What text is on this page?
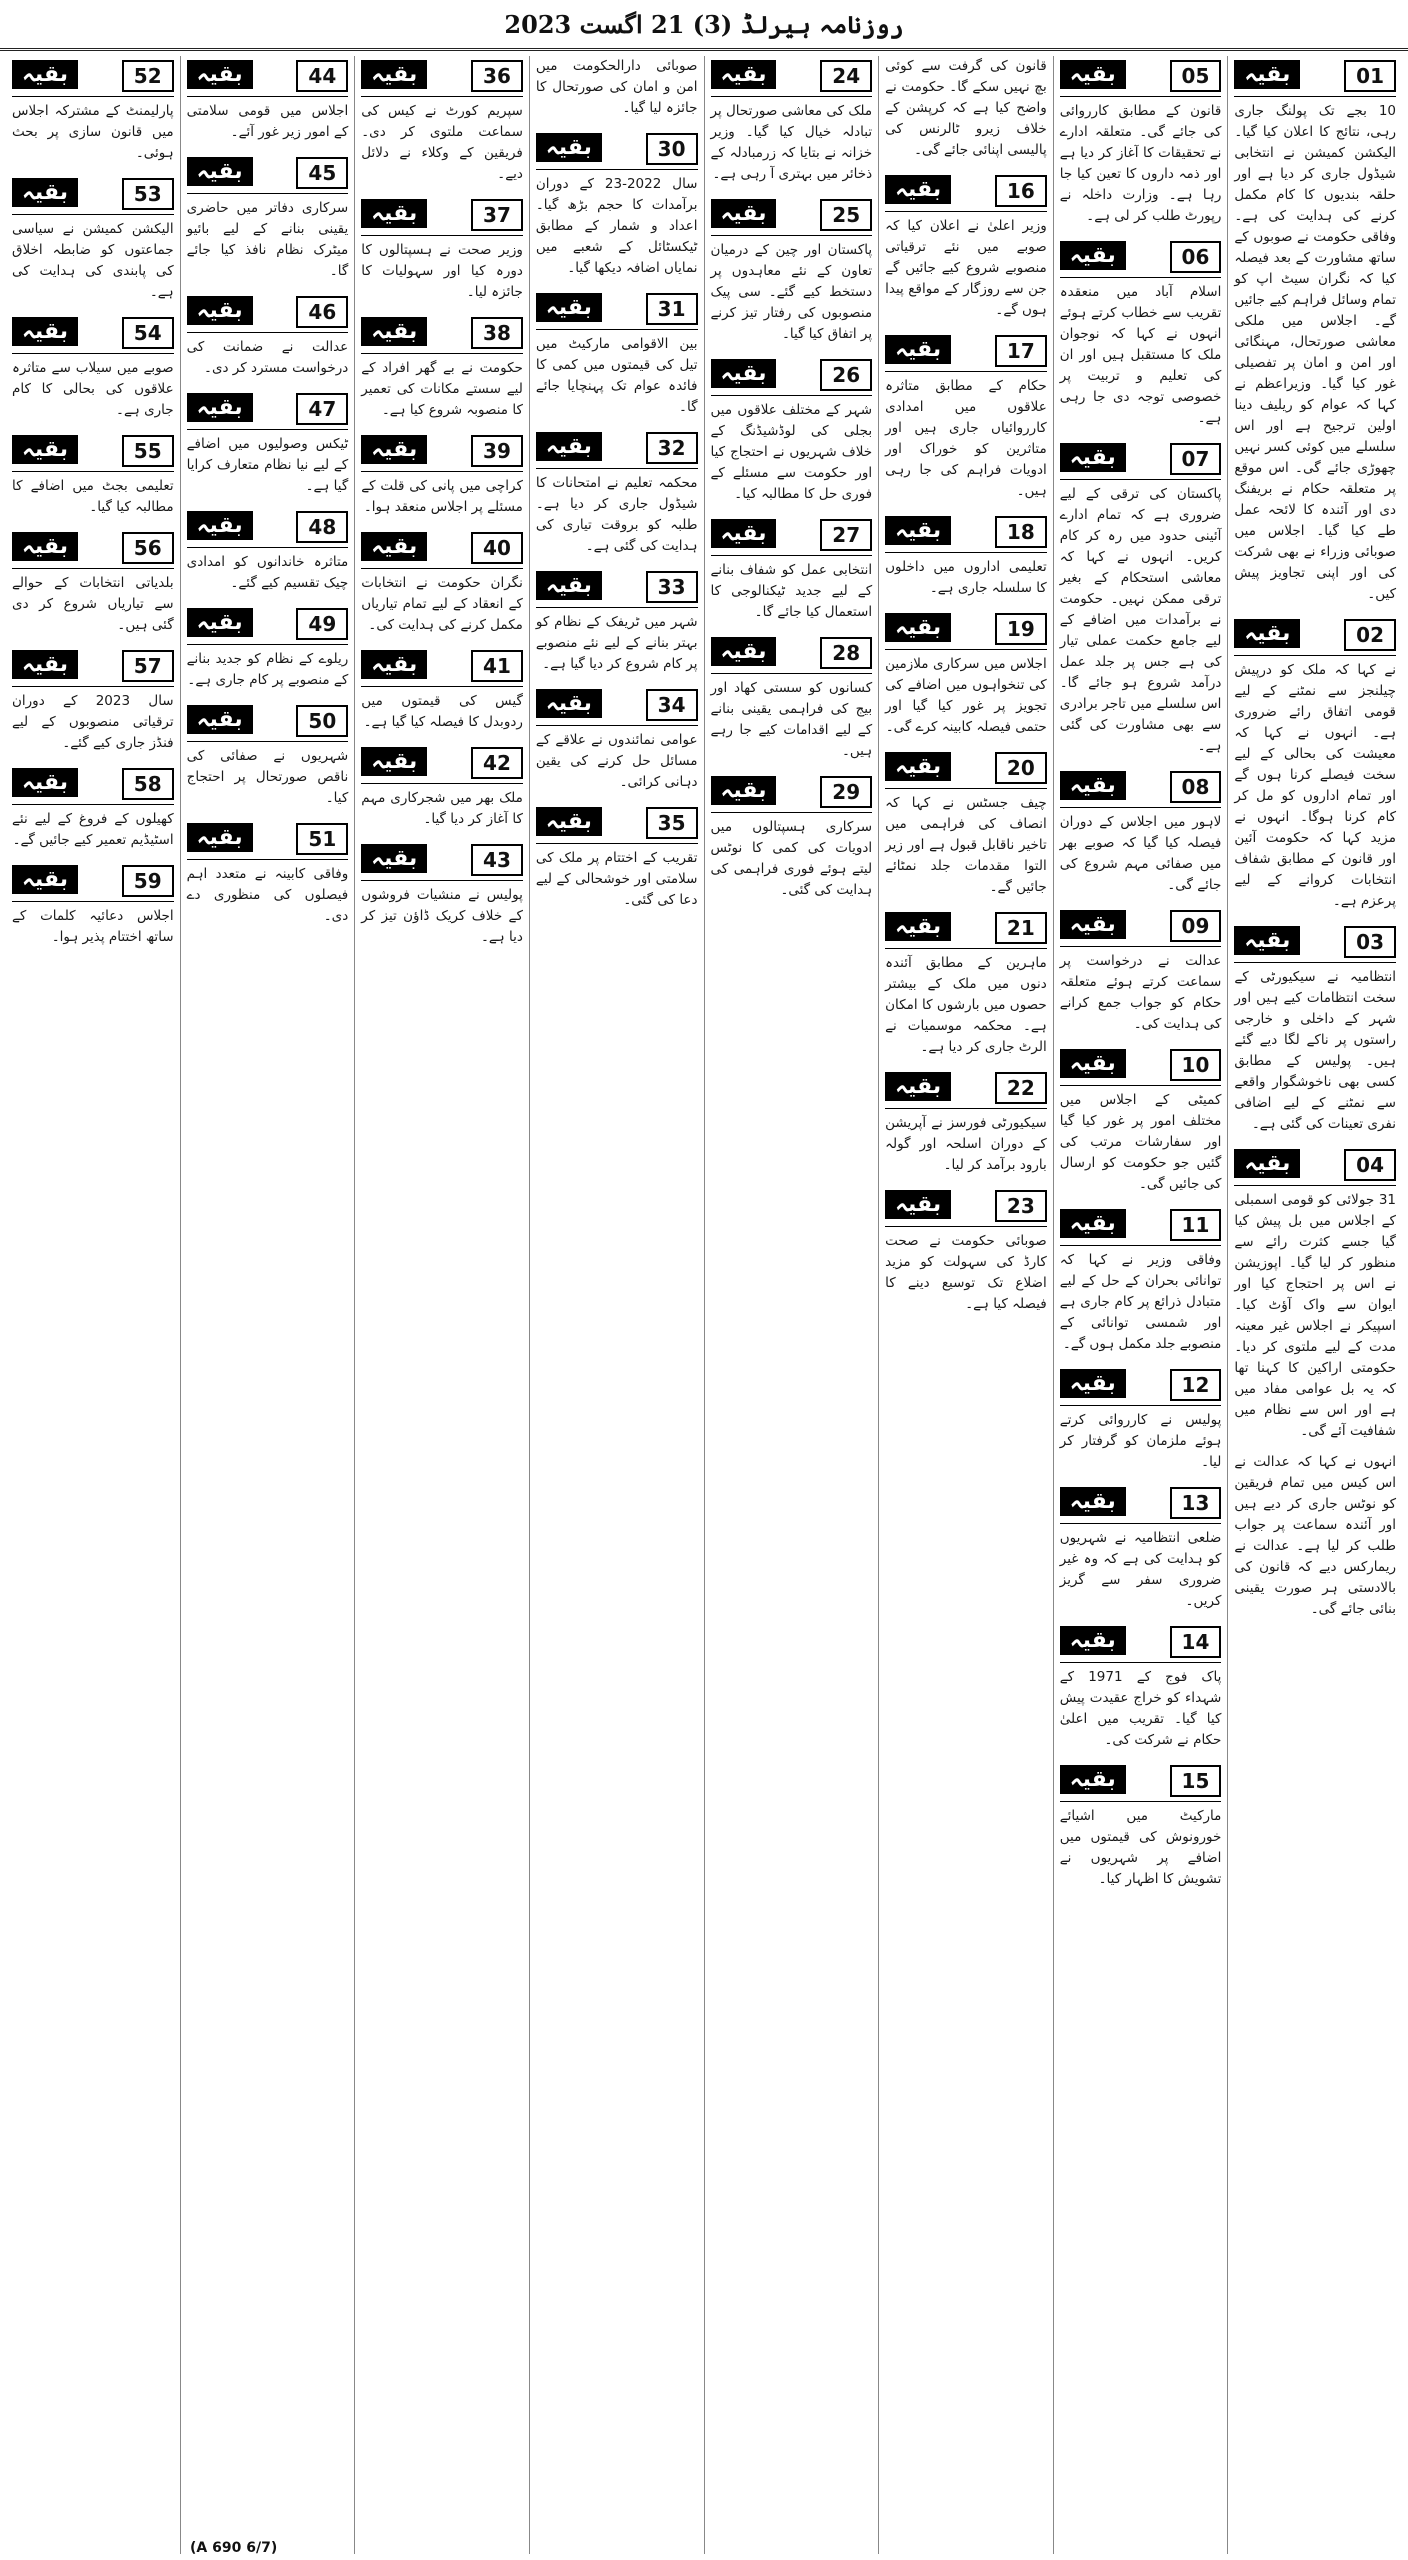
روزنامہ ہیرلڈ (3) 21 اگست 2023
01
بقیہ
10 بجے تک پولنگ جاری رہی، نتائج کا اعلان کیا گیا۔ الیکشن کمیشن نے انتخابی شیڈول جاری کر دیا ہے اور حلقہ بندیوں کا کام مکمل کرنے کی ہدایت کی ہے۔ وفاقی حکومت نے صوبوں کے ساتھ مشاورت کے بعد فیصلہ کیا کہ نگران سیٹ اپ کو تمام وسائل فراہم کیے جائیں گے۔ اجلاس میں ملکی معاشی صورتحال، مہنگائی اور امن و امان پر تفصیلی غور کیا گیا۔ وزیراعظم نے کہا کہ عوام کو ریلیف دینا اولین ترجیح ہے اور اس سلسلے میں کوئی کسر نہیں چھوڑی جائے گی۔ اس موقع پر متعلقہ حکام نے بریفنگ دی اور آئندہ کا لائحہ عمل طے کیا گیا۔ اجلاس میں صوبائی وزراء نے بھی شرکت کی اور اپنی تجاویز پیش کیں۔
02
بقیہ
نے کہا کہ ملک کو درپیش چیلنجز سے نمٹنے کے لیے قومی اتفاق رائے ضروری ہے۔ انہوں نے کہا کہ معیشت کی بحالی کے لیے سخت فیصلے کرنا ہوں گے اور تمام اداروں کو مل کر کام کرنا ہوگا۔ انہوں نے مزید کہا کہ حکومت آئین اور قانون کے مطابق شفاف انتخابات کروانے کے لیے پرعزم ہے۔
03
بقیہ
انتظامیہ نے سیکیورٹی کے سخت انتظامات کیے ہیں اور شہر کے داخلی و خارجی راستوں پر ناکے لگا دیے گئے ہیں۔ پولیس کے مطابق کسی بھی ناخوشگوار واقعے سے نمٹنے کے لیے اضافی نفری تعینات کی گئی ہے۔
04
بقیہ
31 جولائی کو قومی اسمبلی کے اجلاس میں بل پیش کیا گیا جسے کثرت رائے سے منظور کر لیا گیا۔ اپوزیشن نے اس پر احتجاج کیا اور ایوان سے واک آؤٹ کیا۔ اسپیکر نے اجلاس غیر معینہ مدت کے لیے ملتوی کر دیا۔ حکومتی اراکین کا کہنا تھا کہ یہ بل عوامی مفاد میں ہے اور اس سے نظام میں شفافیت آئے گی۔
انہوں نے کہا کہ عدالت نے اس کیس میں تمام فریقین کو نوٹس جاری کر دیے ہیں اور آئندہ سماعت پر جواب طلب کر لیا ہے۔ عدالت نے ریمارکس دیے کہ قانون کی بالادستی ہر صورت یقینی بنائی جائے گی۔
05
بقیہ
قانون کے مطابق کارروائی کی جائے گی۔ متعلقہ ادارے نے تحقیقات کا آغاز کر دیا ہے اور ذمہ داروں کا تعین کیا جا رہا ہے۔ وزارت داخلہ نے رپورٹ طلب کر لی ہے۔
06
بقیہ
اسلام آباد میں منعقدہ تقریب سے خطاب کرتے ہوئے انہوں نے کہا کہ نوجوان ملک کا مستقبل ہیں اور ان کی تعلیم و تربیت پر خصوصی توجہ دی جا رہی ہے۔
07
بقیہ
پاکستان کی ترقی کے لیے ضروری ہے کہ تمام ادارے آئینی حدود میں رہ کر کام کریں۔ انہوں نے کہا کہ معاشی استحکام کے بغیر ترقی ممکن نہیں۔ حکومت نے برآمدات میں اضافے کے لیے جامع حکمت عملی تیار کی ہے جس پر جلد عمل درآمد شروع ہو جائے گا۔ اس سلسلے میں تاجر برادری سے بھی مشاورت کی گئی ہے۔
08
بقیہ
لاہور میں اجلاس کے دوران فیصلہ کیا گیا کہ صوبے بھر میں صفائی مہم شروع کی جائے گی۔
09
بقیہ
عدالت نے درخواست پر سماعت کرتے ہوئے متعلقہ حکام کو جواب جمع کرانے کی ہدایت کی۔
10
بقیہ
کمیٹی کے اجلاس میں مختلف امور پر غور کیا گیا اور سفارشات مرتب کی گئیں جو حکومت کو ارسال کی جائیں گی۔
11
بقیہ
وفاقی وزیر نے کہا کہ توانائی بحران کے حل کے لیے متبادل ذرائع پر کام جاری ہے اور شمسی توانائی کے منصوبے جلد مکمل ہوں گے۔
12
بقیہ
پولیس نے کارروائی کرتے ہوئے ملزمان کو گرفتار کر لیا۔
13
بقیہ
ضلعی انتظامیہ نے شہریوں کو ہدایت کی ہے کہ وہ غیر ضروری سفر سے گریز کریں۔
14
بقیہ
پاک فوج کے 1971 کے شہداء کو خراج عقیدت پیش کیا گیا۔ تقریب میں اعلیٰ حکام نے شرکت کی۔
15
بقیہ
مارکیٹ میں اشیائے خورونوش کی قیمتوں میں اضافے پر شہریوں نے تشویش کا اظہار کیا۔
قانون کی گرفت سے کوئی بچ نہیں سکے گا۔ حکومت نے واضح کیا ہے کہ کرپشن کے خلاف زیرو ٹالرنس کی پالیسی اپنائی جائے گی۔
16
بقیہ
وزیر اعلیٰ نے اعلان کیا کہ صوبے میں نئے ترقیاتی منصوبے شروع کیے جائیں گے جن سے روزگار کے مواقع پیدا ہوں گے۔
17
بقیہ
حکام کے مطابق متاثرہ علاقوں میں امدادی کارروائیاں جاری ہیں اور متاثرین کو خوراک اور ادویات فراہم کی جا رہی ہیں۔
18
بقیہ
تعلیمی اداروں میں داخلوں کا سلسلہ جاری ہے۔
19
بقیہ
اجلاس میں سرکاری ملازمین کی تنخواہوں میں اضافے کی تجویز پر غور کیا گیا اور حتمی فیصلہ کابینہ کرے گی۔
20
بقیہ
چیف جسٹس نے کہا کہ انصاف کی فراہمی میں تاخیر ناقابل قبول ہے اور زیر التوا مقدمات جلد نمٹائے جائیں گے۔
21
بقیہ
ماہرین کے مطابق آئندہ دنوں میں ملک کے بیشتر حصوں میں بارشوں کا امکان ہے۔ محکمہ موسمیات نے الرٹ جاری کر دیا ہے۔
22
بقیہ
سیکیورٹی فورسز نے آپریشن کے دوران اسلحہ اور گولہ بارود برآمد کر لیا۔
23
بقیہ
صوبائی حکومت نے صحت کارڈ کی سہولت کو مزید اضلاع تک توسیع دینے کا فیصلہ کیا ہے۔
24
بقیہ
ملک کی معاشی صورتحال پر تبادلہ خیال کیا گیا۔ وزیر خزانہ نے بتایا کہ زرمبادلہ کے ذخائر میں بہتری آ رہی ہے۔
25
بقیہ
پاکستان اور چین کے درمیان تعاون کے نئے معاہدوں پر دستخط کیے گئے۔ سی پیک منصوبوں کی رفتار تیز کرنے پر اتفاق کیا گیا۔
26
بقیہ
شہر کے مختلف علاقوں میں بجلی کی لوڈشیڈنگ کے خلاف شہریوں نے احتجاج کیا اور حکومت سے مسئلے کے فوری حل کا مطالبہ کیا۔
27
بقیہ
انتخابی عمل کو شفاف بنانے کے لیے جدید ٹیکنالوجی کا استعمال کیا جائے گا۔
28
بقیہ
کسانوں کو سستی کھاد اور بیج کی فراہمی یقینی بنانے کے لیے اقدامات کیے جا رہے ہیں۔
29
بقیہ
سرکاری ہسپتالوں میں ادویات کی کمی کا نوٹس لیتے ہوئے فوری فراہمی کی ہدایت کی گئی۔
صوبائی دارالحکومت میں امن و امان کی صورتحال کا جائزہ لیا گیا۔
30
بقیہ
سال 2022-23 کے دوران برآمدات کا حجم بڑھ گیا۔ اعداد و شمار کے مطابق ٹیکسٹائل کے شعبے میں نمایاں اضافہ دیکھا گیا۔
31
بقیہ
بین الاقوامی مارکیٹ میں تیل کی قیمتوں میں کمی کا فائدہ عوام تک پہنچایا جائے گا۔
32
بقیہ
محکمہ تعلیم نے امتحانات کا شیڈول جاری کر دیا ہے۔ طلبہ کو بروقت تیاری کی ہدایت کی گئی ہے۔
33
بقیہ
شہر میں ٹریفک کے نظام کو بہتر بنانے کے لیے نئے منصوبے پر کام شروع کر دیا گیا ہے۔
34
بقیہ
عوامی نمائندوں نے علاقے کے مسائل حل کرنے کی یقین دہانی کرائی۔
35
بقیہ
تقریب کے اختتام پر ملک کی سلامتی اور خوشحالی کے لیے دعا کی گئی۔
36
بقیہ
سپریم کورٹ نے کیس کی سماعت ملتوی کر دی۔ فریقین کے وکلاء نے دلائل دیے۔
37
بقیہ
وزیر صحت نے ہسپتالوں کا دورہ کیا اور سہولیات کا جائزہ لیا۔
38
بقیہ
حکومت نے بے گھر افراد کے لیے سستے مکانات کی تعمیر کا منصوبہ شروع کیا ہے۔
39
بقیہ
کراچی میں پانی کی قلت کے مسئلے پر اجلاس منعقد ہوا۔
40
بقیہ
نگران حکومت نے انتخابات کے انعقاد کے لیے تمام تیاریاں مکمل کرنے کی ہدایت کی۔
41
بقیہ
گیس کی قیمتوں میں ردوبدل کا فیصلہ کیا گیا ہے۔
42
بقیہ
ملک بھر میں شجرکاری مہم کا آغاز کر دیا گیا۔
43
بقیہ
پولیس نے منشیات فروشوں کے خلاف کریک ڈاؤن تیز کر دیا ہے۔
44
بقیہ
اجلاس میں قومی سلامتی کے امور زیر غور آئے۔
45
بقیہ
سرکاری دفاتر میں حاضری یقینی بنانے کے لیے بائیو میٹرک نظام نافذ کیا جائے گا۔
46
بقیہ
عدالت نے ضمانت کی درخواست مسترد کر دی۔
47
بقیہ
ٹیکس وصولیوں میں اضافے کے لیے نیا نظام متعارف کرایا گیا ہے۔
48
بقیہ
متاثرہ خاندانوں کو امدادی چیک تقسیم کیے گئے۔
49
بقیہ
ریلوے کے نظام کو جدید بنانے کے منصوبے پر کام جاری ہے۔
50
بقیہ
شہریوں نے صفائی کی ناقص صورتحال پر احتجاج کیا۔
51
بقیہ
وفاقی کابینہ نے متعدد اہم فیصلوں کی منظوری دے دی۔
52
بقیہ
پارلیمنٹ کے مشترکہ اجلاس میں قانون سازی پر بحث ہوئی۔
53
بقیہ
الیکشن کمیشن نے سیاسی جماعتوں کو ضابطہ اخلاق کی پابندی کی ہدایت کی ہے۔
54
بقیہ
صوبے میں سیلاب سے متاثرہ علاقوں کی بحالی کا کام جاری ہے۔
55
بقیہ
تعلیمی بجٹ میں اضافے کا مطالبہ کیا گیا۔
56
بقیہ
بلدیاتی انتخابات کے حوالے سے تیاریاں شروع کر دی گئی ہیں۔
57
بقیہ
سال 2023 کے دوران ترقیاتی منصوبوں کے لیے فنڈز جاری کیے گئے۔
58
بقیہ
کھیلوں کے فروغ کے لیے نئے اسٹیڈیم تعمیر کیے جائیں گے۔
59
بقیہ
اجلاس دعائیہ کلمات کے ساتھ اختتام پذیر ہوا۔
(6/7 A 690)
